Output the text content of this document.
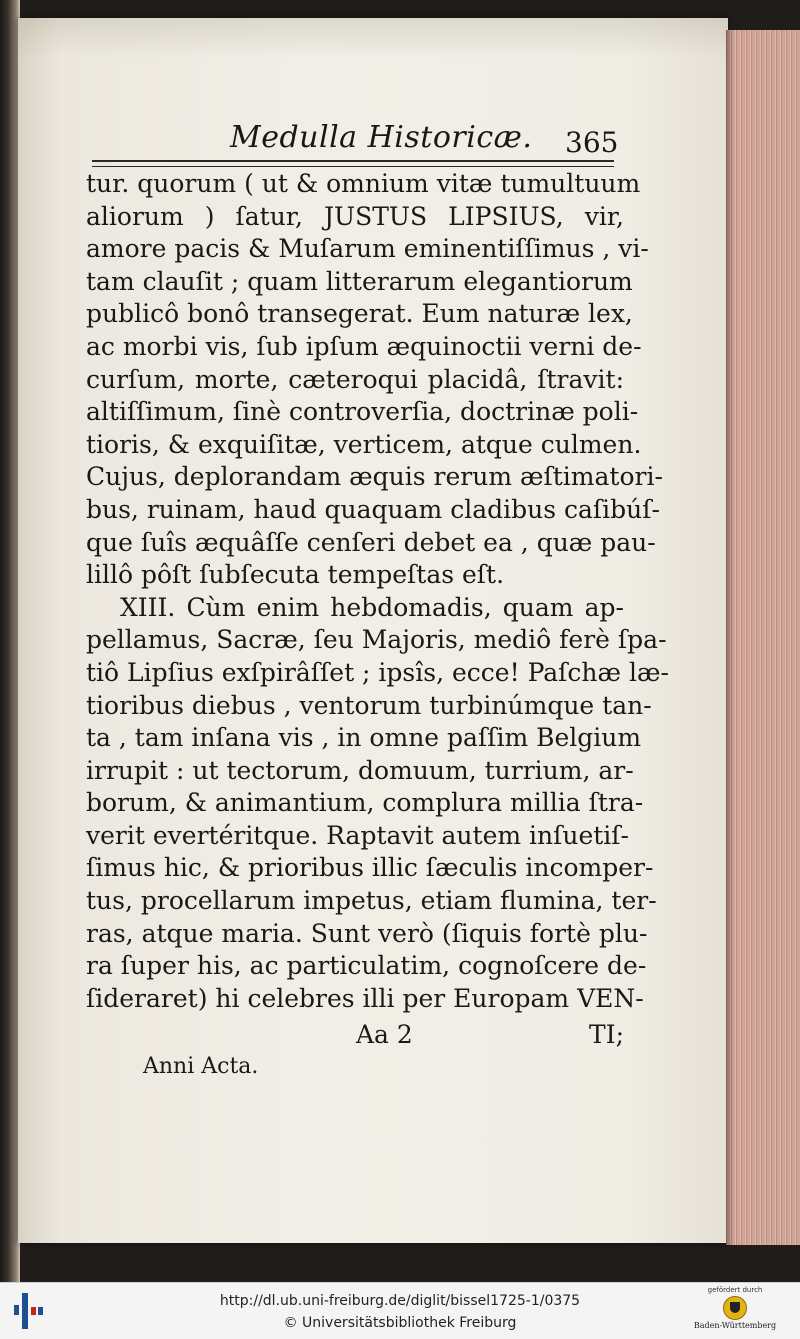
Medulla Historicæ. 365
tur. quorum ( ut & omnium vitæ tumultuum
aliorum ) ſatur, JUSTUS LIPSIUS, vir,
amore pacis & Muſarum eminentiſſimus , vi-
tam clauſit ; quam litterarum elegantiorum
publicô bonô transegerat. Eum naturæ lex,
ac morbi vis, ſub ipſum æquinoctii verni de-
curſum, morte, cæteroqui placidâ, ſtravit:
altiſſimum, ſinè controverſia, doctrinæ poli-
tioris, & exquiſitæ, verticem, atque culmen.
Cujus, deplorandam æquis rerum æſtimatori-
bus, ruinam, haud quaquam cladibus caſibúſ-
que ſuîs æquâſſe cenſeri debet ea , quæ pau-
lillô pôſt ſubſecuta tempeſtas eſt.
XIII. Cùm enim hebdomadis, quam ap-
pellamus, Sacræ, ſeu Majoris, mediô ferè ſpa-
tiô Lipſius exſpirâſſet ; ipsîs, ecce! Paſchæ læ-
tioribus diebus , ventorum turbinúmque tan-
ta , tam inſana vis , in omne paſſim Belgium
irrupit : ut tectorum, domuum, turrium, ar-
borum, & animantium, complura millia ſtra-
verit evertéritque. Raptavit autem inſuetiſ-
ſimus hic, & prioribus illic ſæculis incomper-
tus, procellarum impetus, etiam flumina, ter-
ras, atque maria. Sunt verò (ſiquis fortè plu-
ra ſuper his, ac particulatim, cognoſcere de-
ſideraret) hi celebres illi per Europam VEN-
Aa 2	TI;
Anni Acta.
http://dl.ub.uni-freiburg.de/diglit/bissel1725-1/0375
© Universitätsbibliothek Freiburg
gefördert durch
Baden-Württemberg
